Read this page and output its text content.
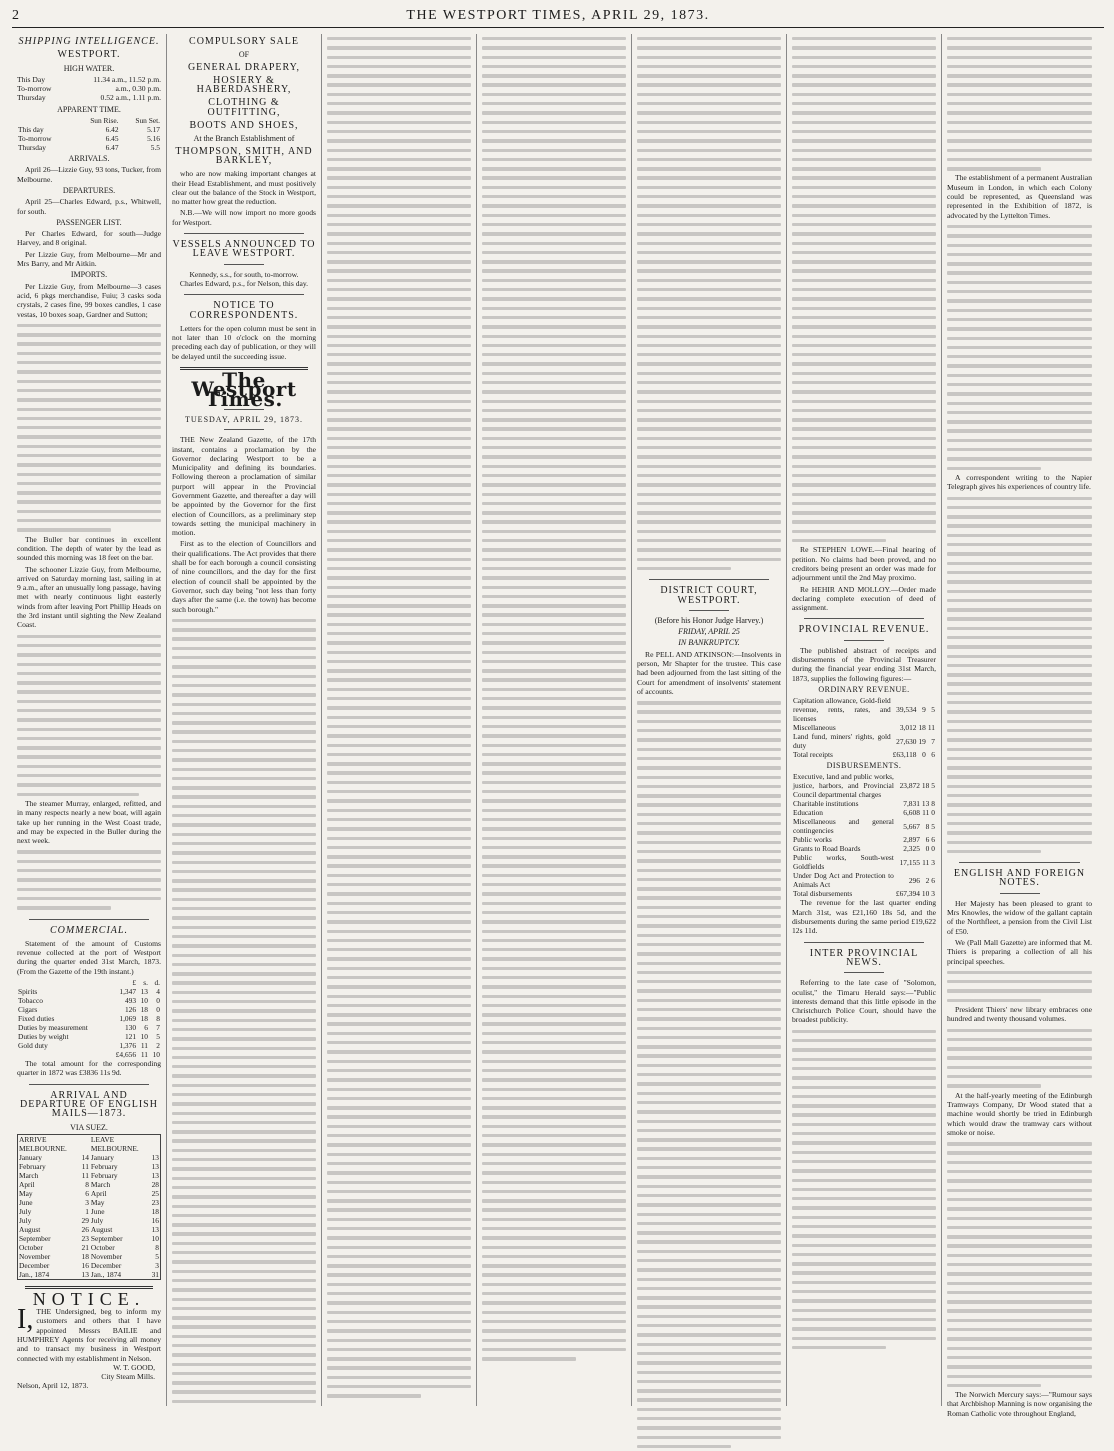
2	THE WESTPORT TIMES, APRIL 29, 1873.
SHIPPING INTELLIGENCE.
WESTPORT.
HIGH WATER.
This Day	11.34 a.m., 11.52 p.m.
To-morrow	a.m., 0.30 p.m.
Thursday	0.52 a.m., 1.11 p.m.
APPARENT TIME.
	Sun Rise.	Sun Set.
This day	6.42	5.17
To-morrow	6.45	5.16
Thursday	6.47	5.5
ARRIVALS.

April 26—Lizzie Guy, 93 tons, Tucker, from Melbourne.

DEPARTURES.

April 25—Charles Edward, p.s., Whitwell, for south.

PASSENGER LIST.

Per Charles Edward, for south—Judge Harvey, and 8 original.

Per Lizzie Guy, from Melbourne—Mr and Mrs Barry, and Mr Aitkin.

IMPORTS.

Per Lizzie Guy, from Melbourne—3 cases acid, 6 pkgs merchandise, Fuiu; 3 casks soda crystals, 2 cases fine, 99 boxes candles, 1 case vestas, 10 boxes soap, Gardner and Sutton;

The Buller bar continues in excellent condition. The depth of water by the lead as sounded this morning was 18 feet on the bar.

The schooner Lizzie Guy, from Melbourne, arrived on Saturday morning last, sailing in at 9 a.m., after an unusually long passage, having met with nearly continuous light easterly winds from after leaving Port Phillip Heads on the 3rd instant until sighting the New Zealand Coast.

The steamer Murray, enlarged, refitted, and in many respects nearly a new boat, will again take up her running in the West Coast trade, and may be expected in the Buller during the next week.

COMMERCIAL.

Statement of the amount of Customs revenue collected at the port of Westport during the quarter ended 31st March, 1873. (From the Gazette of the 19th instant.)

	£	s.	d.
Spirits	1,347	13	4
Tobacco	493	10	0
Cigars	126	18	0
Fixed duties	1,069	18	8
Duties by measurement	130	6	7
Duties by weight	121	10	5
Gold duty	1,376	11	2
	£4,656	11	10

The total amount for the corresponding quarter in 1872 was £3836 11s 9d.

ARRIVAL AND DEPARTURE OF ENGLISH MAILS—1873.
VIA SUEZ.
ARRIVE MELBOURNE.		LEAVE MELBOURNE.	
January	14	January	13
February	11	February	13
March	11	February	13
April	8	March	28
May	6	April	25
June	3	May	23
July	1	June	18
July	29	July	16
August	26	August	13
September	23	September	10
October	21	October	8
November	18	November	5
December	16	December	3
Jan., 1874	13	Jan., 1874	31
NOTICE.
I, THE Undersigned, beg to inform my customers and others that I have appointed Messrs BAILIE and HUMPHREY Agents for receiving all money and to transact my business in Westport connected with my establishment in Nelson.
W. T. GOOD,
City Steam Mills.
Nelson, April 12, 1873.
COMPULSORY SALE
OF
GENERAL DRAPERY,
HOSIERY & HABERDASHERY,
CLOTHING & OUTFITTING,
BOOTS AND SHOES,
At the Branch Establishment of
THOMPSON, SMITH, AND BARKLEY,

who are now making important changes at their Head Establishment, and must positively clear out the balance of the Stock in Westport, no matter how great the reduction.

N.B.—We will now import no more goods for Westport.

VESSELS ANNOUNCED TO LEAVE WESTPORT.
Kennedy, s.s., for south, to-morrow.
Charles Edward, p.s., for Nelson, this day.
NOTICE TO CORRESPONDENTS.

Letters for the open column must be sent in not later than 10 o'clock on the morning preceding each day of publication, or they will be delayed until the succeeding issue.

The Westport Times.
TUESDAY, APRIL 29, 1873.

THE New Zealand Gazette, of the 17th instant, contains a proclamation by the Governor declaring Westport to be a Municipality and defining its boundaries. Following thereon a proclamation of similar purport will appear in the Provincial Government Gazette, and thereafter a day will be appointed by the Governor for the first election of Councillors, as a preliminary step towards setting the municipal machinery in motion.

First as to the election of Councillors and their qualifications. The Act provides that there shall be for each borough a council consisting of nine councillors, and the day for the first election of council shall be appointed by the Governor, such day being "not less than forty days after the same (i.e. the town) has become such borough."

DISTRICT COURT, WESTPORT.
(Before his Honor Judge Harvey.)
FRIDAY, APRIL 25
IN BANKRUPTCY.

Re PELL AND ATKINSON:—Insolvents in person, Mr Shapter for the trustee. This case had been adjourned from the last sitting of the Court for amendment of insolvents' statement of accounts.

Re STEPHEN LOWE.—Final hearing of petition. No claims had been proved, and no creditors being present an order was made for adjournment until the 2nd May proximo.

Re HEHIR AND MOLLOY.—Order made declaring complete execution of deed of assignment.

PROVINCIAL REVENUE.

The published abstract of receipts and disbursements of the Provincial Treasurer during the financial year ending 31st March, 1873, supplies the following figures:—

ORDINARY REVENUE.
Capitation allowance, Gold-field revenue, rents, rates, and licenses	39,534	9	5
Miscellaneous	3,012	18	11
Land fund, miners' rights, gold duty	27,630	19	7
Total receipts	£63,118	0	6
DISBURSEMENTS.
Executive, land and public works, justice, harbors, and Provincial Council departmental charges	23,872	18	5
Charitable institutions	7,831	13	8
Education	6,608	11	0
Miscellaneous and general contingencies	5,667	8	5
Public works	2,897	6	6
Grants to Road Boards	2,325	0	0
Public works, South-west Goldfields	17,155	11	3
Under Dog Act and Protection to Animals Act	296	2	6
Total disbursements	£67,394	10	3

The revenue for the last quarter ending March 31st, was £21,160 18s 5d, and the disbursements during the same period £19,622 12s 11d.

INTER PROVINCIAL NEWS.

Referring to the late case of "Solomon, oculist," the Timaru Herald says:—"Public interests demand that this little episode in the Christchurch Police Court, should have the broadest publicity.

The establishment of a permanent Australian Museum in London, in which each Colony could be represented, as Queensland was represented in the Exhibition of 1872, is advocated by the Lyttelton Times.

A correspondent writing to the Napier Telegraph gives his experiences of country life.

ENGLISH AND FOREIGN NOTES.

Her Majesty has been pleased to grant to Mrs Knowles, the widow of the gallant captain of the Northfleet, a pension from the Civil List of £50.

We (Pall Mall Gazette) are informed that M. Thiers is preparing a collection of all his principal speeches.

President Thiers' new library embraces one hundred and twenty thousand volumes.

At the half-yearly meeting of the Edinburgh Tramways Company, Dr Wood stated that a machine would shortly be tried in Edinburgh which would draw the tramway cars without smoke or noise.

The Norwich Mercury says:—"Rumour says that Archbishop Manning is now organising the Roman Catholic vote throughout England,
